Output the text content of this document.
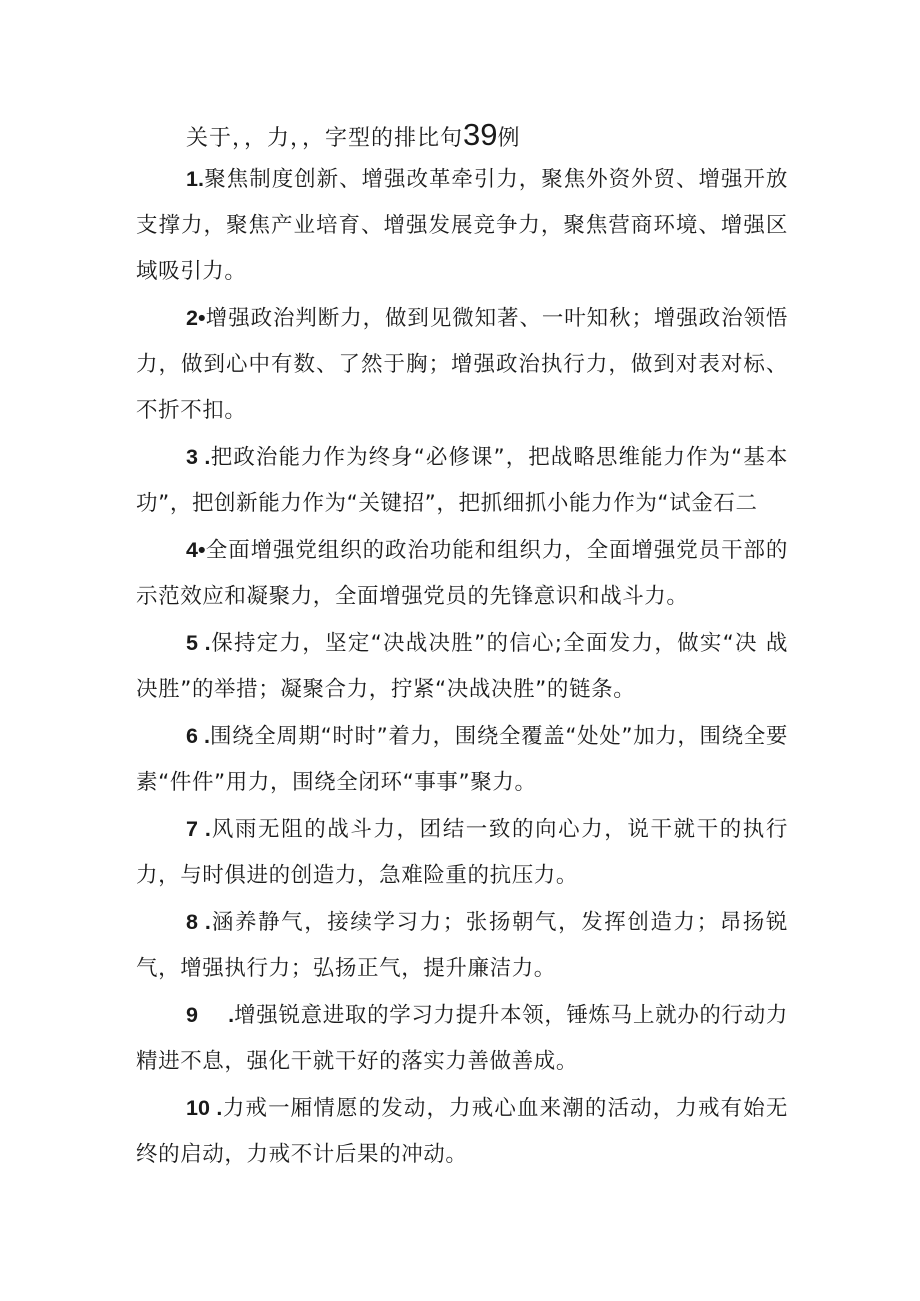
关于，，力，，字型的排比句39例

1.聚焦制度创新、增强改革牵引力，聚焦外资外贸、增强开放支撑力，聚焦产业培育、增强发展竞争力，聚焦营商环境、增强区域吸引力。

2•增强政治判断力，做到见微知著、一叶知秋；增强政治领悟力，做到心中有数、了然于胸；增强政治执行力，做到对表对标、不折不扣。

3 .把政治能力作为终身“必修课”，把战略思维能力作为“基本功”，把创新能力作为“关键招”，把抓细抓小能力作为“试金石二

4•全面增强党组织的政治功能和组织力，全面增强党员干部的示范效应和凝聚力，全面增强党员的先锋意识和战斗力。

5 .保持定力，坚定“决战决胜”的信心;全面发力，做实“决 战决胜”的举措；凝聚合力，拧紧“决战决胜”的链条。

6 .围绕全周期“时时”着力，围绕全覆盖“处处”加力，围绕全要素“件件”用力，围绕全闭环“事事”聚力。

7 .风雨无阻的战斗力，团结一致的向心力，说干就干的执行力，与时俱进的创造力，急难险重的抗压力。

8 .涵养静气，接续学习力；张扬朝气，发挥创造力；昂扬锐气，增强执行力；弘扬正气，提升廉洁力。

9     .增强锐意进取的学习力提升本领，锤炼马上就办的行动力精进不息，强化干就干好的落实力善做善成。

10 .力戒一厢情愿的发动，力戒心血来潮的活动，力戒有始无终的启动，力戒不计后果的冲动。
